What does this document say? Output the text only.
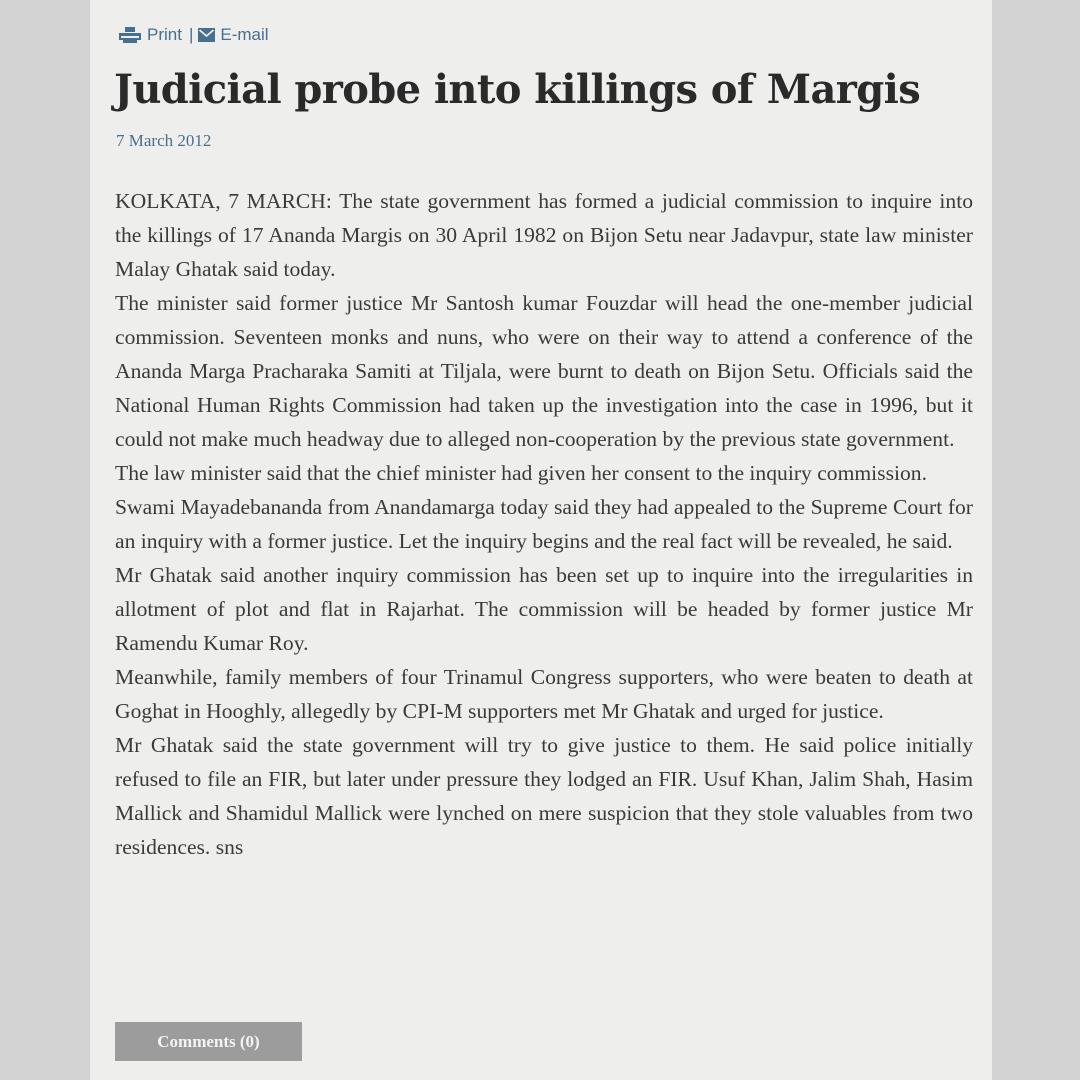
Print | E-mail
Judicial probe into killings of Margis
7 March 2012

KOLKATA, 7 MARCH: The state government has formed a judicial commission to inquire into the killings of 17 Ananda Margis on 30 April 1982 on Bijon Setu near Jadavpur, state law minister Malay Ghatak said today.

The minister said former justice Mr Santosh kumar Fouzdar will head the one-member judicial commission. Seventeen monks and nuns, who were on their way to attend a conference of the Ananda Marga Pracharaka Samiti at Tiljala, were burnt to death on Bijon Setu. Officials said the National Human Rights Commission had taken up the investigation into the case in 1996, but it could not make much headway due to alleged non-cooperation by the previous state government.

The law minister said that the chief minister had given her consent to the inquiry commission.

Swami Mayadebananda from Anandamarga today said they had appealed to the Supreme Court for an inquiry with a former justice. Let the inquiry begins and the real fact will be revealed, he said.

Mr Ghatak said another inquiry commission has been set up to inquire into the irregularities in allotment of plot and flat in Rajarhat. The commission will be headed by former justice Mr Ramendu Kumar Roy.

Meanwhile, family members of four Trinamul Congress supporters, who were beaten to death at Goghat in Hooghly, allegedly by CPI-M supporters met Mr Ghatak and urged for justice.

Mr Ghatak said the state government will try to give justice to them. He said police initially refused to file an FIR, but later under pressure they lodged an FIR. Usuf Khan, Jalim Shah, Hasim Mallick and Shamidul Mallick were lynched on mere suspicion that they stole valuables from two residences. sns

Comments (0)
